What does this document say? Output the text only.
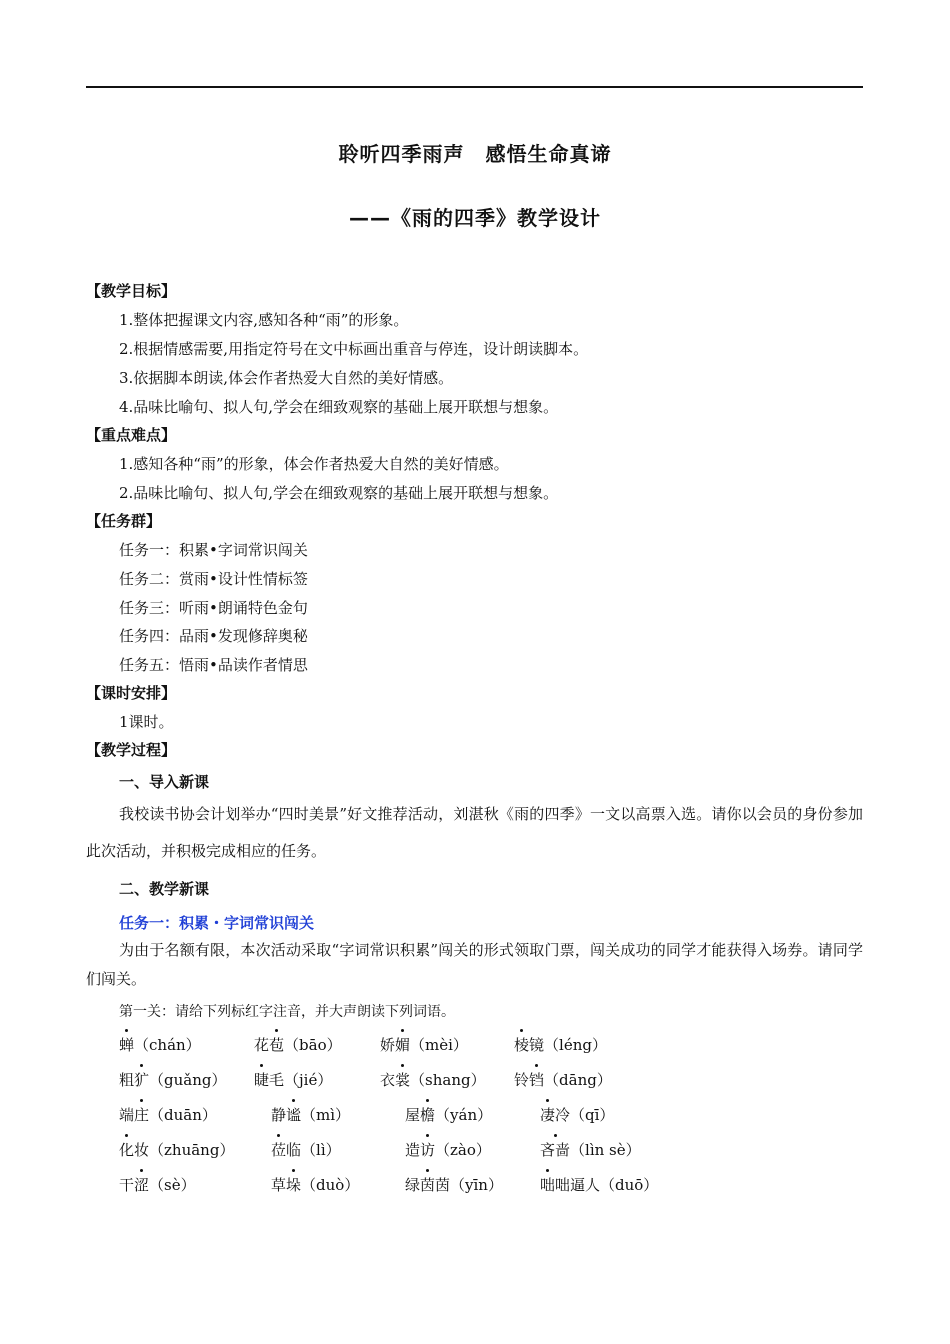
聆听四季雨声　感悟生命真谛
——《雨的四季》教学设计
【教学目标】
1.整体把握课文内容,感知各种“雨”的形象。
2.根据情感需要,用指定符号在文中标画出重音与停连，设计朗读脚本。
3.依据脚本朗读,体会作者热爱大自然的美好情感。
4.品味比喻句、拟人句,学会在细致观察的基础上展开联想与想象。
【重点难点】
1.感知各种“雨”的形象，体会作者热爱大自然的美好情感。
2.品味比喻句、拟人句,学会在细致观察的基础上展开联想与想象。
【任务群】
任务一：积累•字词常识闯关
任务二：赏雨•设计性情标签
任务三：听雨•朗诵特色金句
任务四：品雨•发现修辞奥秘
任务五：悟雨•品读作者情思
【课时安排】
1课时。
【教学过程】
一、导入新课
我校读书协会计划举办“四时美景”好文推荐活动，刘湛秋《雨的四季》一文以高票入选。请你以会员的身份参加此次活动，并积极完成相应的任务。
二、教学新课
任务一：积累・字词常识闯关
为由于名额有限，本次活动采取“字词常识积累”闯关的形式领取门票，闯关成功的同学才能获得入场券。请同学们闯关。
第一关：请给下列标红字注音，并大声朗读下列词语。
蝉（chán）	花苞（bāo）	娇媚（mèi）	棱镜（léng）
粗犷（guǎng） 睫毛（jié）	衣裳（shang） 铃铛（dāng）
端庄（duān）	静谧（mì）	屋檐（yán）	凄冷（qī）
化妆（zhuāng） 莅临（lì）	造访（zào）	吝啬（lìn sè）
干涩（sè）	草垛（duò）	绿茵茵（yīn） 咄咄逼人（duō）
